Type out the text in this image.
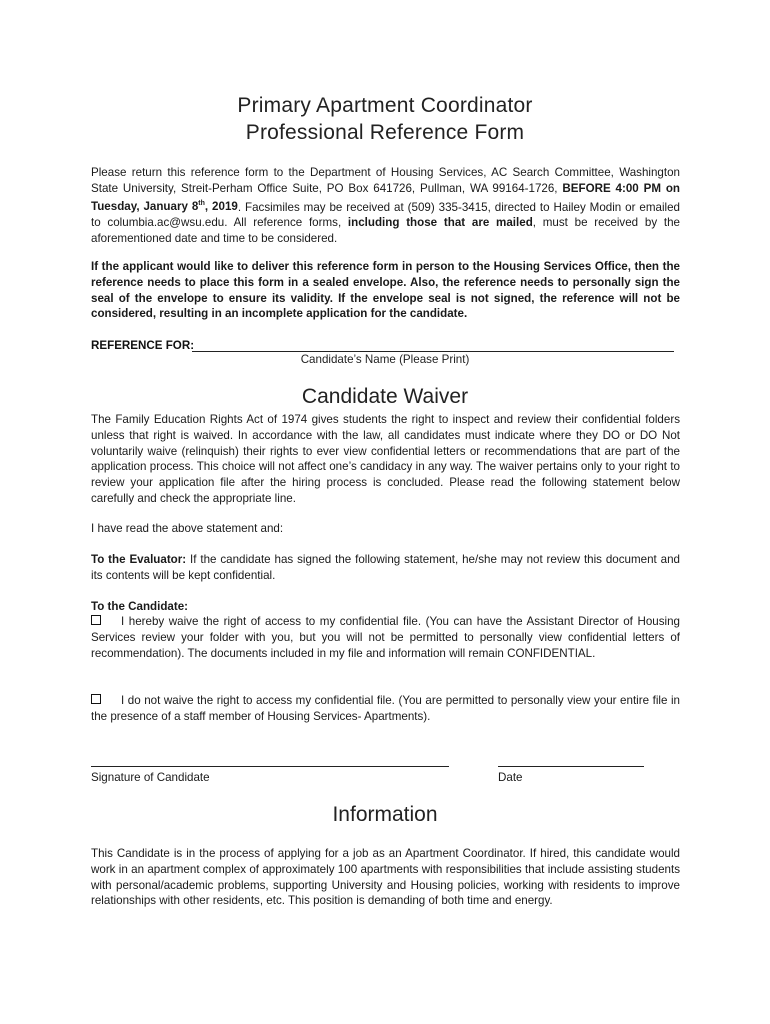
Primary Apartment Coordinator
Professional Reference Form
Please return this reference form to the Department of Housing Services, AC Search Committee, Washington State University, Streit-Perham Office Suite, PO Box 641726, Pullman, WA 99164-1726, BEFORE 4:00 PM on Tuesday, January 8th, 2019. Facsimiles may be received at (509) 335-3415, directed to Hailey Modin or emailed to columbia.ac@wsu.edu. All reference forms, including those that are mailed, must be received by the aforementioned date and time to be considered.
If the applicant would like to deliver this reference form in person to the Housing Services Office, then the reference needs to place this form in a sealed envelope. Also, the reference needs to personally sign the seal of the envelope to ensure its validity. If the envelope seal is not signed, the reference will not be considered, resulting in an incomplete application for the candidate.
REFERENCE FOR:
Candidate’s Name (Please Print)
Candidate Waiver
The Family Education Rights Act of 1974 gives students the right to inspect and review their confidential folders unless that right is waived. In accordance with the law, all candidates must indicate where they DO or DO Not voluntarily waive (relinquish) their rights to ever view confidential letters or recommendations that are part of the application process. This choice will not affect one’s candidacy in any way. The waiver pertains only to your right to review your application file after the hiring process is concluded. Please read the following statement below carefully and check the appropriate line.
I have read the above statement and:
To the Evaluator: If the candidate has signed the following statement, he/she may not review this document and its contents will be kept confidential.
To the Candidate:
I hereby waive the right of access to my confidential file. (You can have the Assistant Director of Housing Services review your folder with you, but you will not be permitted to personally view confidential letters of recommendation). The documents included in my file and information will remain CONFIDENTIAL.
I do not waive the right to access my confidential file. (You are permitted to personally view your entire file in the presence of a staff member of Housing Services- Apartments).
Signature of Candidate	Date
Information
This Candidate is in the process of applying for a job as an Apartment Coordinator. If hired, this candidate would work in an apartment complex of approximately 100 apartments with responsibilities that include assisting students with personal/academic problems, supporting University and Housing policies, working with residents to improve relationships with other residents, etc. This position is demanding of both time and energy.
